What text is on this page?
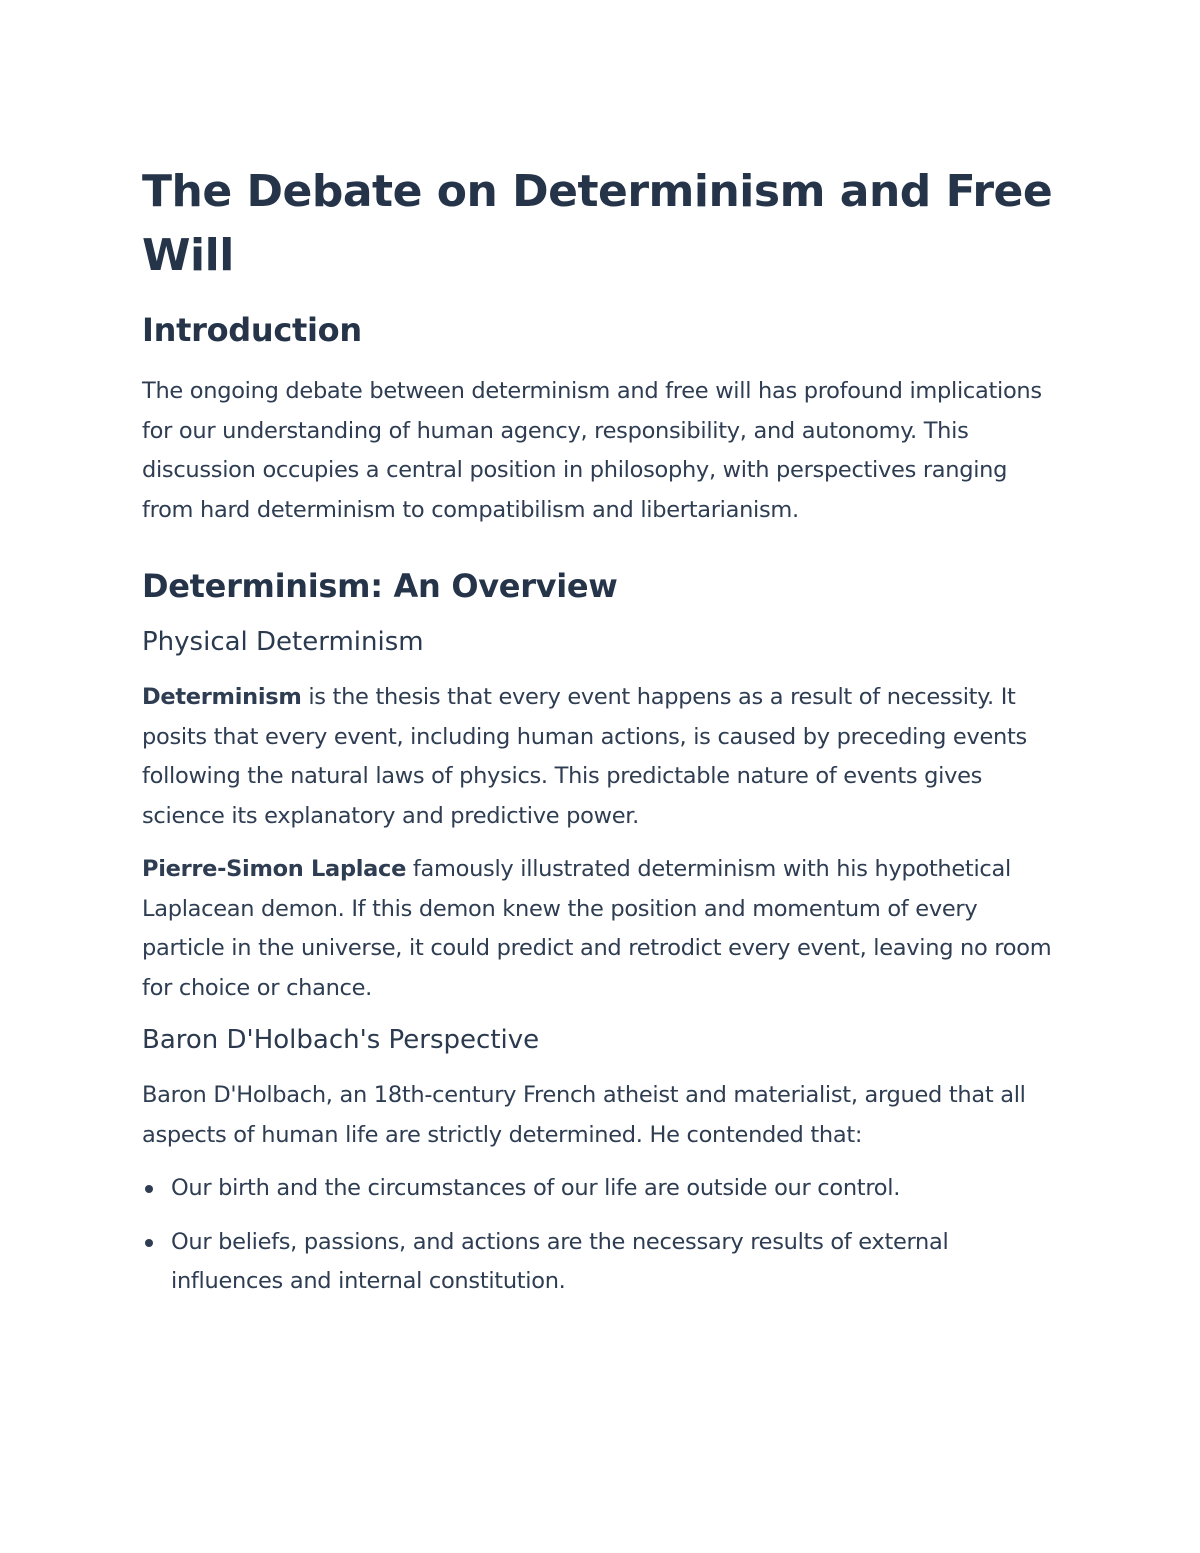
The Debate on Determinism and Free Will
Introduction

The ongoing debate between determinism and free will has profound implications for our understanding of human agency, responsibility, and autonomy. This discussion occupies a central position in philosophy, with perspectives ranging from hard determinism to compatibilism and libertarianism.

Determinism: An Overview
Physical Determinism

Determinism is the thesis that every event happens as a result of necessity. It posits that every event, including human actions, is caused by preceding events following the natural laws of physics. This predictable nature of events gives science its explanatory and predictive power.

Pierre-Simon Laplace famously illustrated determinism with his hypothetical Laplacean demon. If this demon knew the position and momentum of every particle in the universe, it could predict and retrodict every event, leaving no room for choice or chance.

Baron D'Holbach's Perspective

Baron D'Holbach, an 18th-century French atheist and materialist, argued that all aspects of human life are strictly determined. He contended that:

Our birth and the circumstances of our life are outside our control.
Our beliefs, passions, and actions are the necessary results of external influences and internal constitution.
